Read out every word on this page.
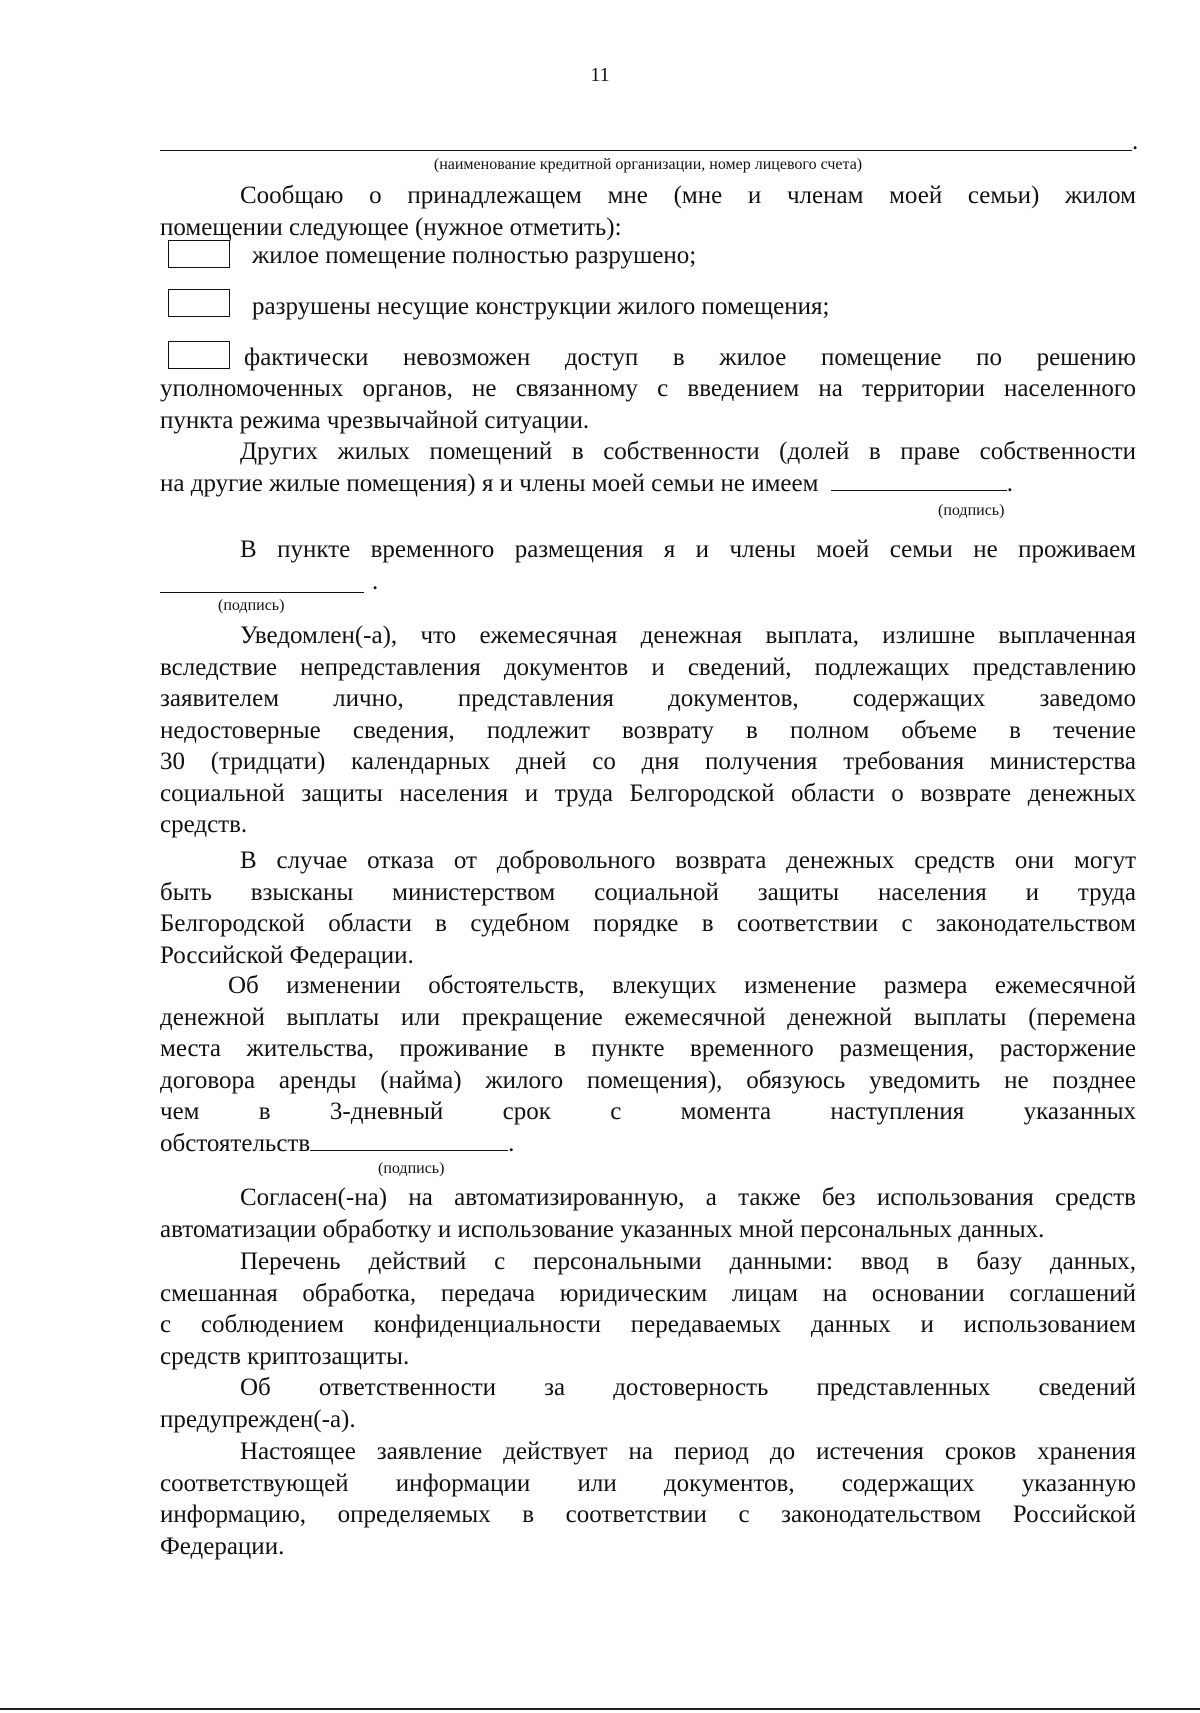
11
.
(наименование кредитной организации, номер лицевого счета)
Сообщаю о принадлежащем мне (мне и членам моей семьи) жилом
помещении следующее (нужное отметить):
жилое помещение полностью разрушено;
разрушены несущие конструкции жилого помещения;
фактически невозможен доступ в жилое помещение по решению
уполномоченных органов, не связанному с введением на территории населенного
пункта режима чрезвычайной ситуации.
Других жилых помещений в собственности (долей в праве собственности
на другие жилые помещения) я и члены моей семьи не имеем	.
(подпись)
В пункте временного размещения я и члены моей семьи не проживаем
.
(подпись)
Уведомлен(-а), что ежемесячная денежная выплата, излишне выплаченная
вследствие непредставления документов и сведений, подлежащих представлению
заявителем лично, представления документов, содержащих заведомо
недостоверные сведения, подлежит возврату в полном объеме в течение
30 (тридцати) календарных дней со дня получения требования министерства
социальной защиты населения и труда Белгородской области о возврате денежных
средств.
В случае отказа от добровольного возврата денежных средств они могут
быть взысканы министерством социальной защиты населения и труда
Белгородской области в судебном порядке в соответствии с законодательством
Российской Федерации.
Об изменении обстоятельств, влекущих изменение размера ежемесячной
денежной выплаты или прекращение ежемесячной денежной выплаты (перемена
места жительства, проживание в пункте временного размещения, расторжение
договора аренды (найма) жилого помещения), обязуюсь уведомить не позднее
чем в 3-дневный срок с момента наступления указанных
обстоятельств	.
(подпись)
Согласен(-на) на автоматизированную, а также без использования средств
автоматизации обработку и использование указанных мной персональных данных.
Перечень действий с персональными данными: ввод в базу данных,
смешанная обработка, передача юридическим лицам на основании соглашений
с соблюдением конфиденциальности передаваемых данных и использованием
средств криптозащиты.
Об ответственности за достоверность представленных сведений
предупрежден(-а).
Настоящее заявление действует на период до истечения сроков хранения
соответствующей информации или документов, содержащих указанную
информацию, определяемых в соответствии с законодательством Российской
Федерации.
